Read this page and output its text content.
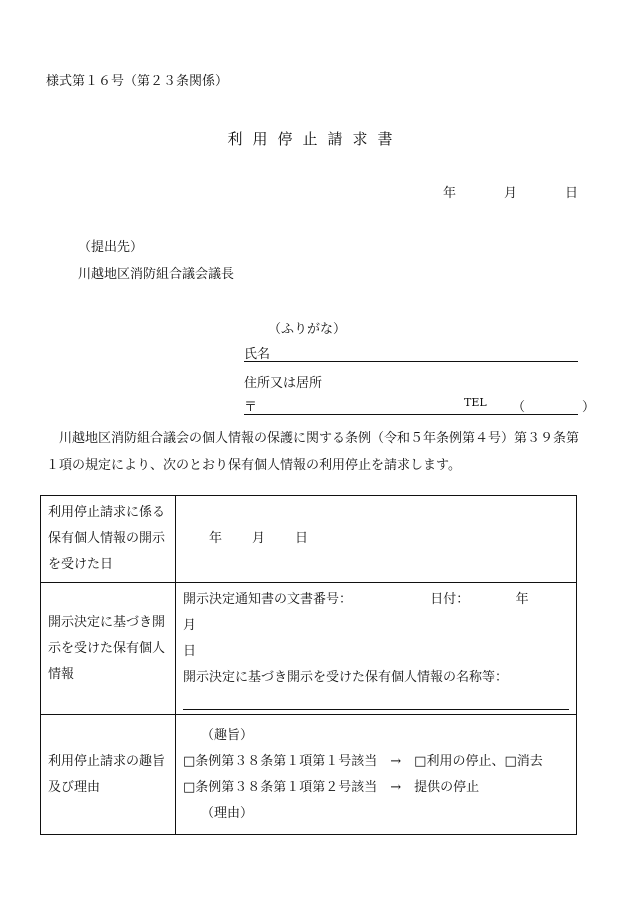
様式第１６号（第２３条関係）
利用停止請求書
年	月	日
（提出先）
川越地区消防組合議会議長
（ふりがな）
氏名
住所又は居所
〒	TEL （　）
川越地区消防組合議会の個人情報の保護に関する条例（令和５年条例第４号）第３９条第１項の規定により、次のとおり保有個人情報の利用停止を請求します。
利用停止請求に係る保有個人情報の開示を受けた日	年 月 日

開示決定に基づき開示を受けた保有個人情報	開示決定通知書の文書番号： 日付： 年  月
日
開示決定に基づき開示を受けた保有個人情報の名称等：

利用停止請求の趣旨及び理由	（趣旨）
□条例第３８条第１項第１号該当　→　□利用の停止、□消去
□条例第３８条第１項第２号該当　→　提供の停止
（理由）
